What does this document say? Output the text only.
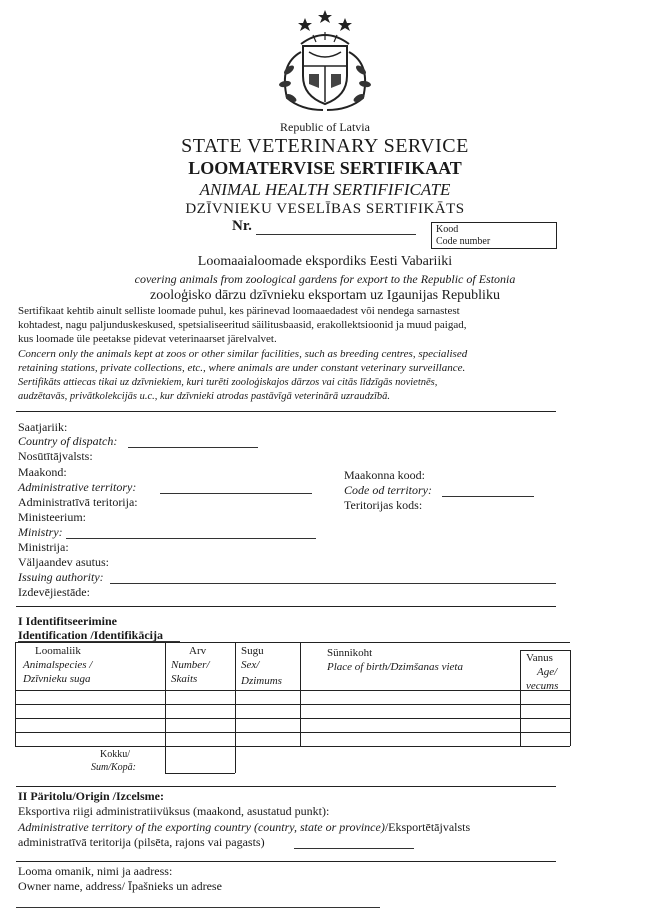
Republic of Latvia
STATE VETERINARY SERVICE
LOOMATERVISE SERTIFIKAAT
ANIMAL HEALTH SERTIFIFICATE
DZĪVNIEKU VESELĪBAS SERTIFIKĀTS
Nr.	Kood
Code number
Loomaaialoomade ekspordiks Eesti Vabariiki
covering animals from zoological gardens for export to the Republic of Estonia
zooloģisko dārzu dzīvnieku eksportam uz Igaunijas Republiku
Sertifikaat kehtib ainult selliste loomade puhul, kes pärinevad loomaaedadest või nendega sarnastest
kohtadest, nagu paljunduskeskused, spetsialiseeritud säilitusbaasid, erakollektsioonid ja muud paigad,
kus loomade üle peetakse pidevat veterinaarset järelvalvet.
Concern only the animals kept at zoos or other similar facilities, such as breeding centres, specialised
retaining stations, private collections, etc., where animals are under constant veterinary surveillance.
Sertifikāts attiecas tikai uz dzīvniekiem, kuri turēti zooloģiskajos dārzos vai citās līdzīgās novietnēs,
audzētavās, privātkolekcijās u.c., kur dzīvnieki atrodas pastāvīgā veterinārā uzraudzībā.
Saatjariik:
Country of dispatch:
Nosūtītājvalsts:
Maakond:
Administrative territory:
Administratīvā teritorija:
Maakonna kood:
Code od territory:
Teritorijas kods:
Ministeerium:
Ministry:
Ministrija:
Väljaandev asutus:
Issuing authority:
Izdevējiestāde:
I Identifitseerimine
Identification /Identifikācija
Loomaliik
Animalspecies /
Dzīvnieku suga
Arv
Number/
Skaits
Sugu
Sex/
Dzimums
Sünnikoht
Place of birth/Dzimšanas vieta
Vanus
Age/
vecums
Kokku/
Sum/Kopā:
II Päritolu/Origin /Izcelsme:
Eksportiva riigi administratiivüksus (maakond, asustatud punkt):
Administrative territory of the exporting country (country, state or province)/Eksportētājvalsts
administratīvā teritorija (pilsēta, rajons vai pagasts)
Looma omanik, nimi ja aadress:
Owner name, address/ Īpašnieks un adrese
